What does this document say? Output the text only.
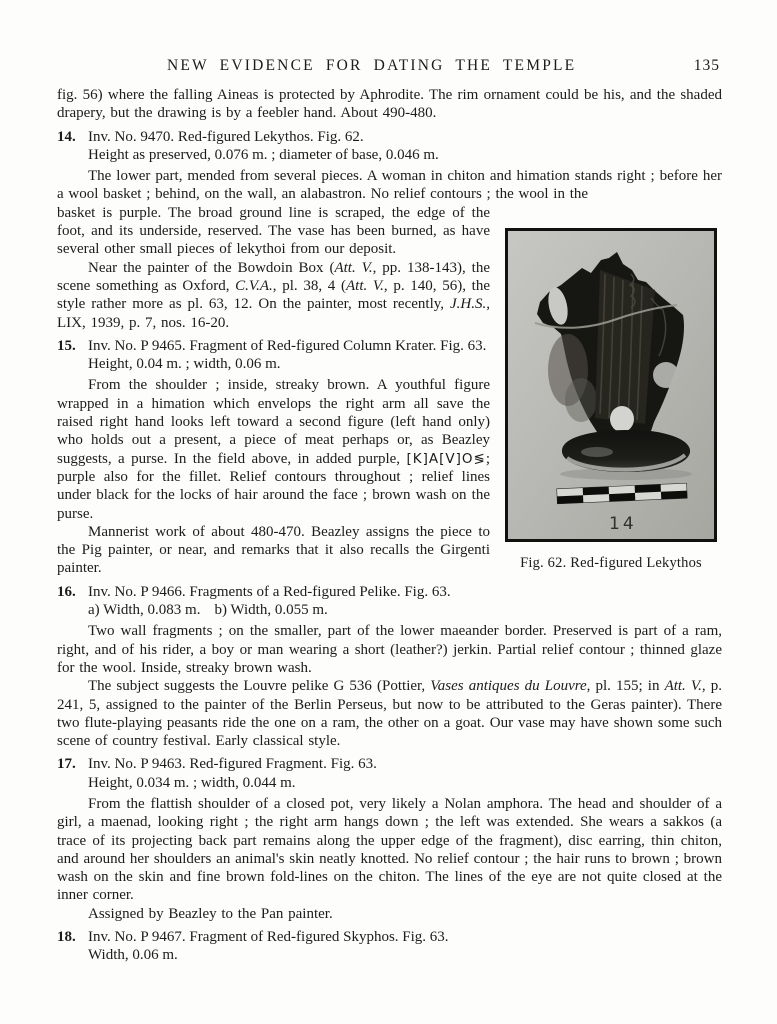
NEW EVIDENCE FOR DATING THE TEMPLE	135
14
Fig. 62. Red-figured Lekythos

fig. 56) where the falling Aineas is protected by Aphrodite. The rim ornament could be his, and the shaded drapery, but the drawing is by a feebler hand. About 490-480.

14. Inv. No. 9470. Red-figured Lekythos. Fig. 62.

Height as preserved, 0.076 m. ; diameter of base, 0.046 m.

The lower part, mended from several pieces. A woman in chiton and himation stands right ; before her a wool basket ; behind, on the wall, an alabastron. No relief contours ; the wool in the

basket is purple. The broad ground line is scraped, the edge of the foot, and its underside, reserved. The vase has been burned, as have several other small pieces of lekythoi from our deposit.

Near the painter of the Bowdoin Box (Att. V., pp. 138-143), the scene something as Oxford, C.V.A., pl. 38, 4 (Att. V., p. 140, 56), the style rather more as pl. 63, 12. On the painter, most recently, J.H.S., LIX, 1939, p. 7, nos. 16-20.

15. Inv. No. P 9465. Fragment of Red-figured Column Krater. Fig. 63.

Height, 0.04 m. ; width, 0.06 m.

From the shoulder ; inside, streaky brown. A youthful figure wrapped in a himation which envelops the right arm all save the raised right hand looks left toward a second figure (left hand only) who holds out a present, a piece of meat perhaps or, as Beazley suggests, a purse. In the field above, in added purple, [K]A[V]O≶; purple also for the fillet. Relief contours throughout ; relief lines under black for the locks of hair around the face ; brown wash on the purse.

Mannerist work of about 480-470. Beazley assigns the piece to the Pig painter, or near, and remarks that it also recalls the Girgenti painter.

16. Inv. No. P 9466. Fragments of a Red-figured Pelike. Fig. 63.

a) Width, 0.083 m. b) Width, 0.055 m.

Two wall fragments ; on the smaller, part of the lower maeander border. Preserved is part of a ram, right, and of his rider, a boy or man wearing a short (leather?) jerkin. Partial relief contour ; thinned glaze for the wool. Inside, streaky brown wash.

The subject suggests the Louvre pelike G 536 (Pottier, Vases antiques du Louvre, pl. 155; in Att. V., p. 241, 5, assigned to the painter of the Berlin Perseus, but now to be attributed to the Geras painter). There two flute-playing peasants ride the one on a ram, the other on a goat. Our vase may have shown some such scene of country festival. Early classical style.

17. Inv. No. P 9463. Red-figured Fragment. Fig. 63.

Height, 0.034 m. ; width, 0.044 m.

From the flattish shoulder of a closed pot, very likely a Nolan amphora. The head and shoulder of a girl, a maenad, looking right ; the right arm hangs down ; the left was extended. She wears a sakkos (a trace of its projecting back part remains along the upper edge of the fragment), disc earring, thin chiton, and around her shoulders an animal's skin neatly knotted. No relief contour ; the hair runs to brown ; brown wash on the skin and fine brown fold-lines on the chiton. The lines of the eye are not quite closed at the inner corner.

Assigned by Beazley to the Pan painter.

18. Inv. No. P 9467. Fragment of Red-figured Skyphos. Fig. 63.

Width, 0.06 m.
